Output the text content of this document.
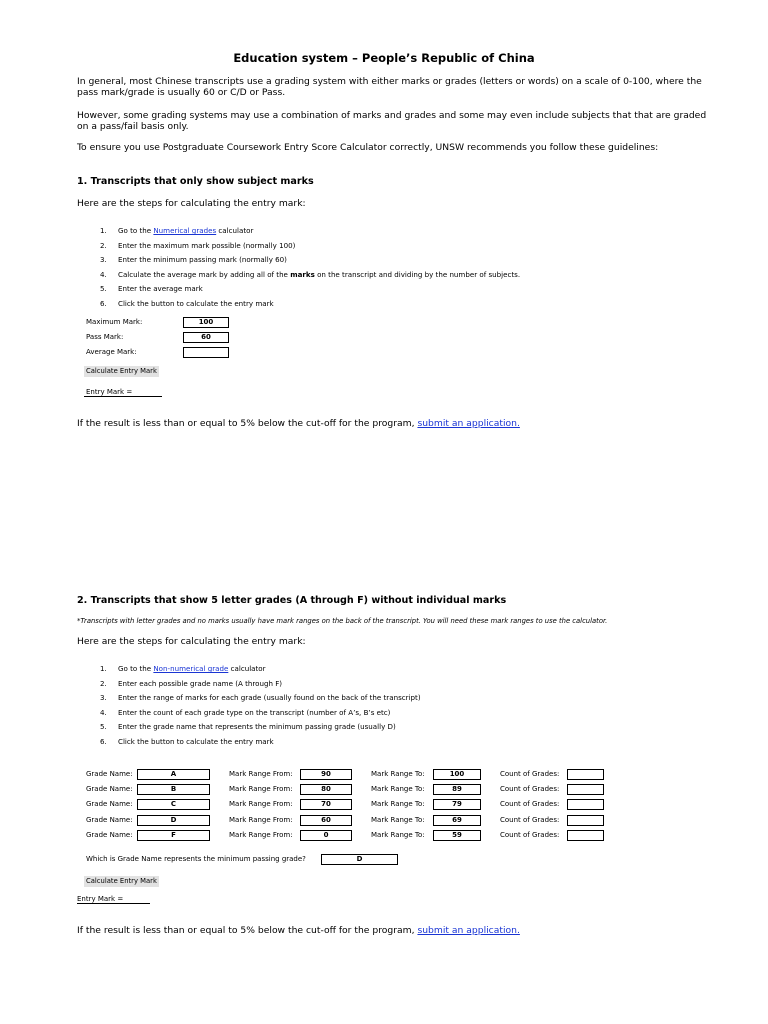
Education system – People’s Republic of China
In general, most Chinese transcripts use a grading system with either marks or grades (letters or words) on a scale of 0-100, where the pass mark/grade is usually 60 or C/D or Pass.
However, some grading systems may use a combination of marks and grades and some may even include subjects that that are graded on a pass/fail basis only.
To ensure you use Postgraduate Coursework Entry Score Calculator correctly, UNSW recommends you follow these guidelines:
1. Transcripts that only show subject marks
Here are the steps for calculating the entry mark:
1. Go to the Numerical grades calculator
2. Enter the maximum mark possible (normally 100)
3. Enter the minimum passing mark (normally 60)
4. Calculate the average mark by adding all of the marks on the transcript and dividing by the number of subjects.
5. Enter the average mark
6. Click the button to calculate the entry mark
Maximum Mark:	100
Pass Mark:	60
Average Mark:
Calculate Entry Mark
Entry Mark =
If the result is less than or equal to 5% below the cut-off for the program, submit an application.
2. Transcripts that show 5 letter grades (A through F) without individual marks
*Transcripts with letter grades and no marks usually have mark ranges on the back of the transcript. You will need these mark ranges to use the calculator.
Here are the steps for calculating the entry mark:
1. Go to the Non-numerical grade calculator
2. Enter each possible grade name (A through F)
3. Enter the range of marks for each grade (usually found on the back of the transcript)
4. Enter the count of each grade type on the transcript (number of A’s, B’s etc)
5. Enter the grade name that represents the minimum passing grade (usually D)
6. Click the button to calculate the entry mark
Grade Name:	A	Mark Range From:	90	Mark Range To:	100	Count of Grades:
Grade Name:	B	Mark Range From:	80	Mark Range To:	89	Count of Grades:
Grade Name:	C	Mark Range From:	70	Mark Range To:	79	Count of Grades:
Grade Name:	D	Mark Range From:	60	Mark Range To:	69	Count of Grades:
Grade Name:	F	Mark Range From:	0	Mark Range To:	59	Count of Grades:
Which is Grade Name represents the minimum passing grade?	D
Calculate Entry Mark
Entry Mark =
If the result is less than or equal to 5% below the cut-off for the program, submit an application.
